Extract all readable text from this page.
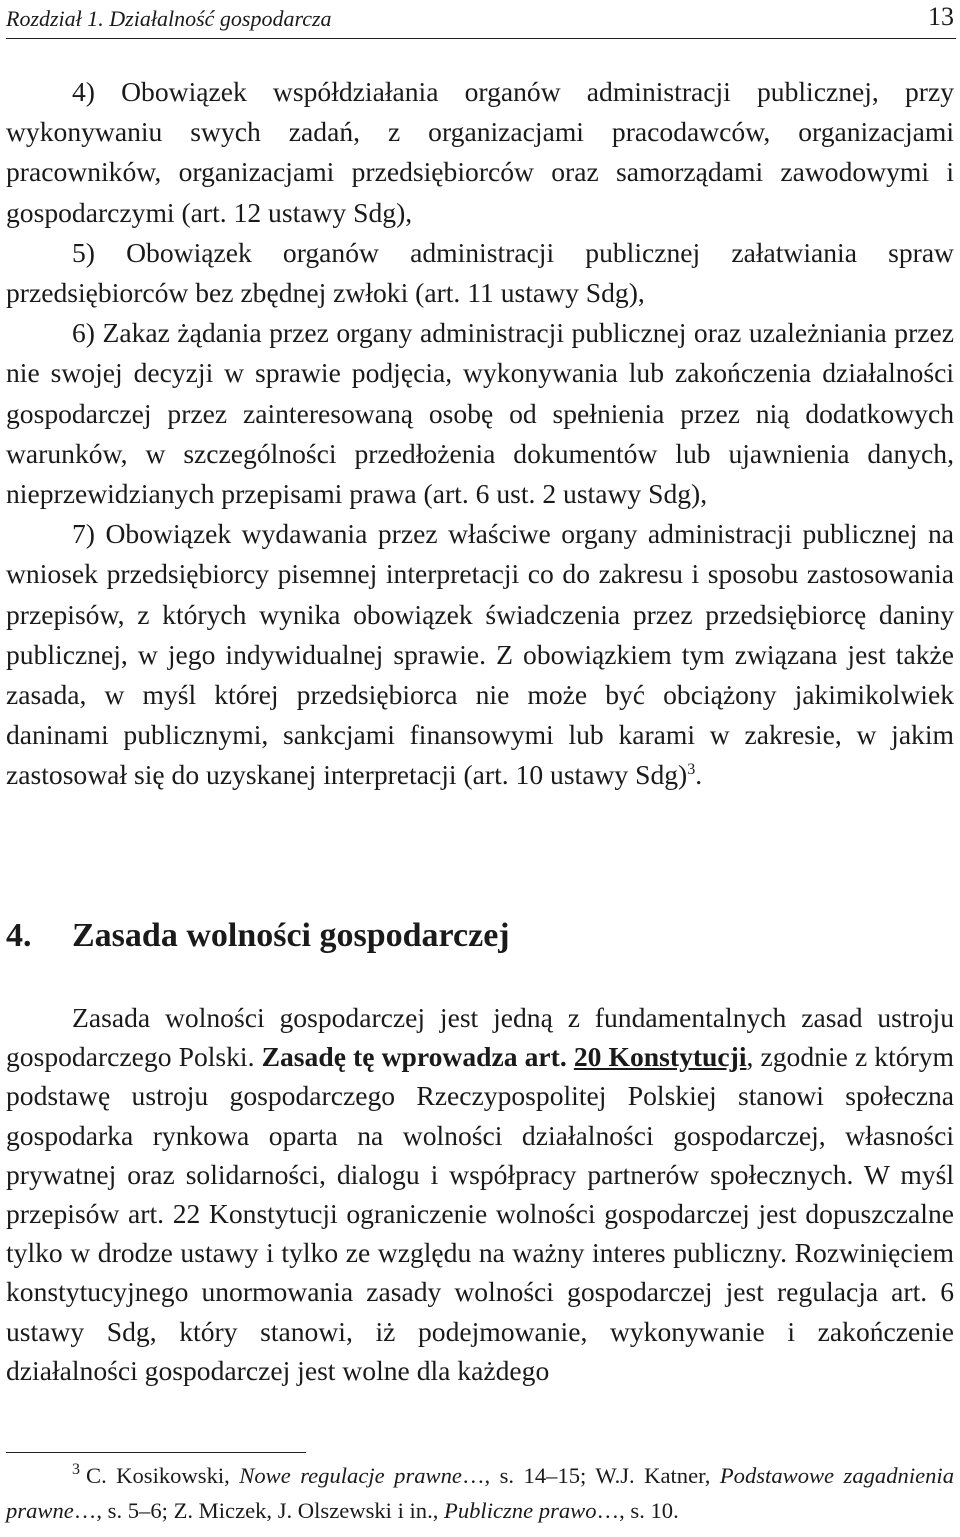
Rozdział 1. Działalność gospodarcza	13

4) Obowiązek współdziałania organów administracji publicznej, przy wykonywaniu swych zadań, z organizacjami pracodawców, organizacjami pracowników, organizacjami przedsiębiorców oraz samorządami zawodowymi i gospodarczymi (art. 12 ustawy Sdg),

5) Obowiązek organów administracji publicznej załatwiania spraw przedsiębiorców bez zbędnej zwłoki (art. 11 ustawy Sdg),

6) Zakaz żądania przez organy administracji publicznej oraz uzależniania przez nie swojej decyzji w sprawie podjęcia, wykonywania lub zakończenia działalności gospodarczej przez zainteresowaną osobę od spełnienia przez nią dodatkowych warunków, w szczególności przedłożenia dokumentów lub ujawnienia danych, nieprzewidzianych przepisami prawa (art. 6 ust. 2 ustawy Sdg),

7) Obowiązek wydawania przez właściwe organy administracji publicznej na wniosek przedsiębiorcy pisemnej interpretacji co do zakresu i sposobu zastosowania przepisów, z których wynika obowiązek świadczenia przez przedsiębiorcę daniny publicznej, w jego indywidualnej sprawie. Z obowiązkiem tym związana jest także zasada, w myśl której przedsiębiorca nie może być obciążony jakimikolwiek daninami publicznymi, sankcjami finansowymi lub karami w zakresie, w jakim zastosował się do uzyskanej interpretacji (art. 10 ustawy Sdg)$^3$.

4. Zasada wolności gospodarczej

Zasada wolności gospodarczej jest jedną z fundamentalnych zasad ustroju gospodarczego Polski. Zasadę tę wprowadza art. 20 Konstytucji, zgodnie z którym podstawę ustroju gospodarczego Rzeczypospolitej Polskiej stanowi społeczna gospodarka rynkowa oparta na wolności działalności gospodarczej, własności prywatnej oraz solidarności, dialogu i współpracy partnerów społecznych. W myśl przepisów art. 22 Konstytucji ograniczenie wolności gospodarczej jest dopuszczalne tylko w drodze ustawy i tylko ze względu na ważny interes publiczny. Rozwinięciem konstytucyjnego unormowania zasady wolności gospodarczej jest regulacja art. 6 ustawy Sdg, który stanowi, iż podejmowanie, wykonywanie i zakończenie działalności gospodarczej jest wolne dla każdego

$^3$ C. Kosikowski, Nowe regulacje prawne…, s. 14–15; W.J. Katner, Podstawowe zagadnienia prawne…, s. 5–6; Z. Miczek, J. Olszewski i in., Publiczne prawo…, s. 10.
